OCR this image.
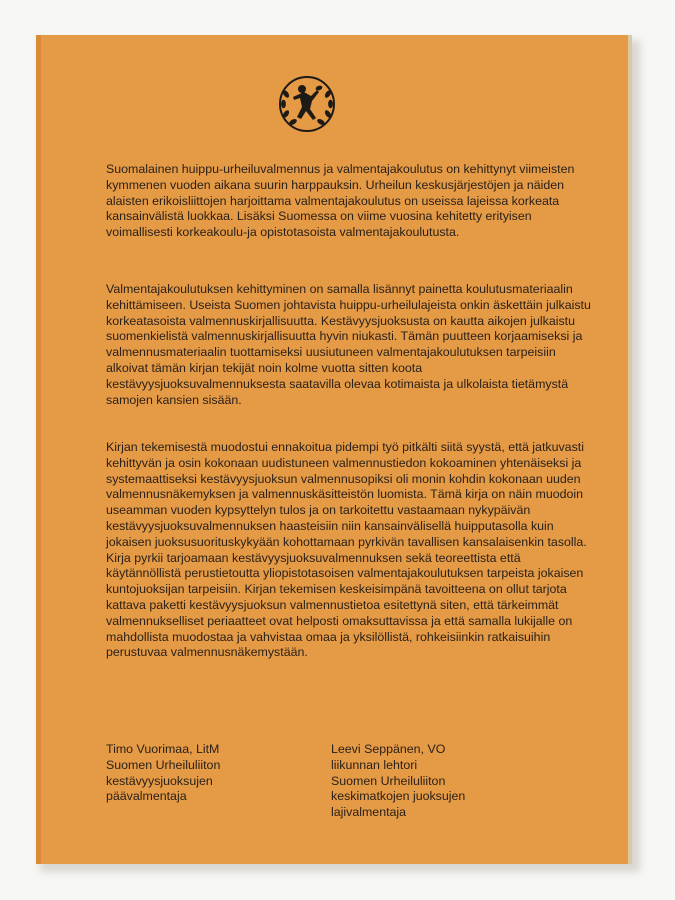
Suomalainen huippu-urheiluvalmennus ja valmentajakoulutus on kehittynyt viimeisten kymmenen vuoden aikana suurin harppauksin. Urheilun keskusjärjestöjen ja näiden alaisten erikoisliittojen harjoittama valmentajakoulutus on useissa lajeissa korkeata kansainvälistä luokkaa. Lisäksi Suomessa on viime vuosina kehitetty erityisen voimallisesti korkeakoulu-ja opistotasoista valmentajakoulutusta.

Valmentajakoulutuksen kehittyminen on samalla lisännyt painetta koulutusmateriaalin kehittämiseen. Useista Suomen johtavista huippu-urheilulajeista onkin äskettäin julkaistu korkeatasoista valmennuskirjallisuutta. Kestävyysjuoksusta on kautta aikojen julkaistu suomenkielistä valmennuskirjallisuutta hyvin niukasti. Tämän puutteen korjaamiseksi ja valmennusmateriaalin tuottamiseksi uusiutuneen valmentajakoulutuksen tarpeisiin alkoivat tämän kirjan tekijät noin kolme vuotta sitten koota kestävyysjuoksuvalmennuksesta saatavilla olevaa kotimaista ja ulkolaista tietämystä samojen kansien sisään.

Kirjan tekemisestä muodostui ennakoitua pidempi työ pitkälti siitä syystä, että jatkuvasti kehittyvän ja osin kokonaan uudistuneen valmennustiedon kokoaminen yhtenäiseksi ja systemaattiseksi kestävyysjuoksun valmennusopiksi oli monin kohdin kokonaan uuden valmennusnäkemyksen ja valmennuskäsitteistön luomista. Tämä kirja on näin muodoin useamman vuoden kypsyttelyn tulos ja on tarkoitettu vastaamaan nykypäivän kestävyysjuoksuvalmennuksen haasteisiin niin kansainvälisellä huipputasolla kuin jokaisen juoksusuorituskykyään kohottamaan pyrkivän tavallisen kansalaisenkin tasolla. Kirja pyrkii tarjoamaan kestävyysjuoksuvalmennuksen sekä teoreettista että käytännöllistä perustietoutta yliopistotasoisen valmentajakoulutuksen tarpeista jokaisen kuntojuoksijan tarpeisiin. Kirjan tekemisen keskeisimpänä tavoitteena on ollut tarjota kattava paketti kestävyysjuoksun valmennustietoa esitettynä siten, että tärkeimmät valmennukselliset periaatteet ovat helposti omaksuttavissa ja että samalla lukijalle on mahdollista muodostaa ja vahvistaa omaa ja yksilöllistä, rohkeisiinkin ratkaisuihin perustuvaa valmennusnäkemystään.

Timo Vuorimaa, LitM
Suomen Urheiluliiton
kestävyysjuoksujen
päävalmentaja
Leevi Seppänen, VO
liikunnan lehtori
Suomen Urheiluliiton
keskimatkojen juoksujen
lajivalmentaja
